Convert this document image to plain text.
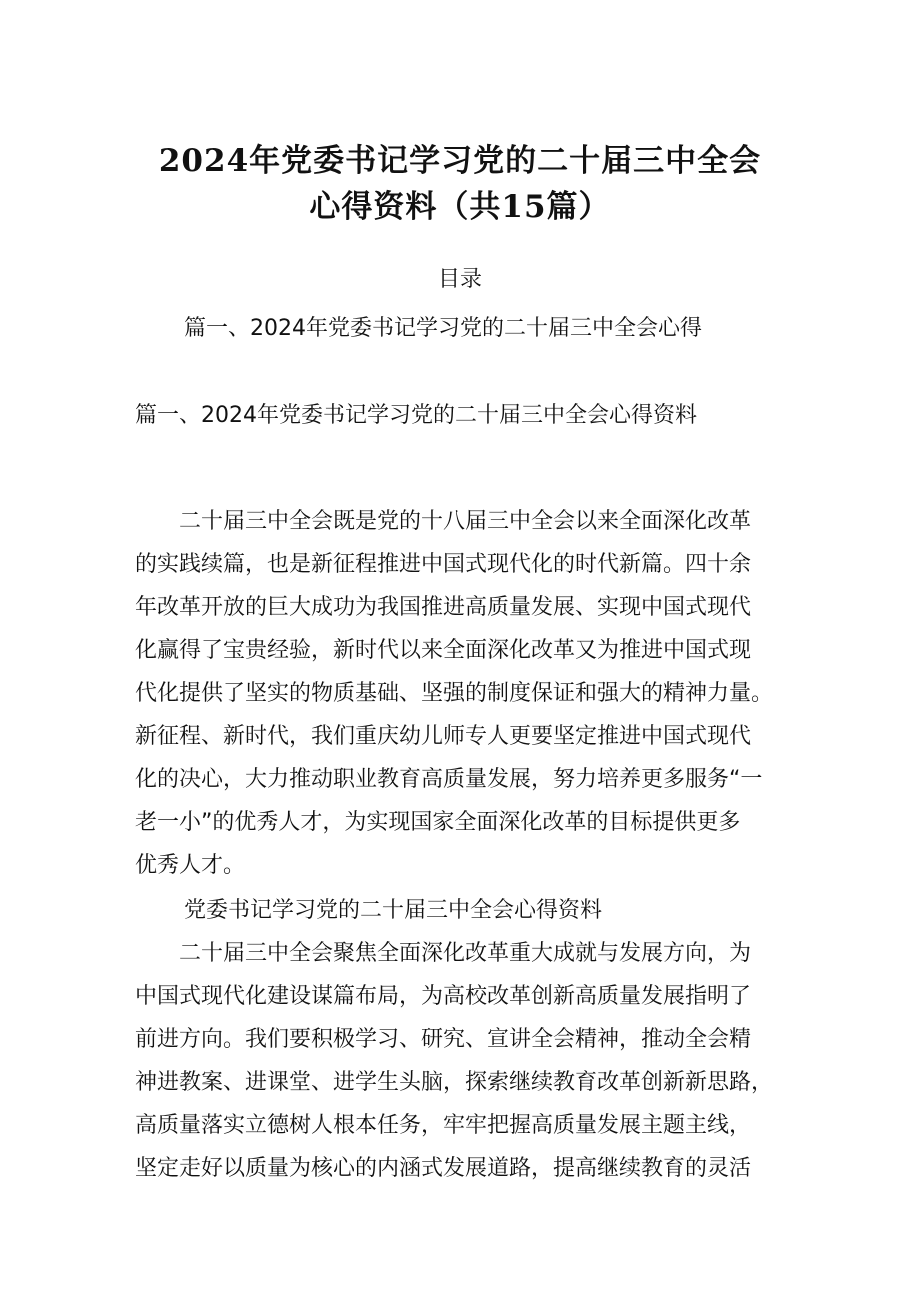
2024年党委书记学习党的二十届三中全会
心得资料（共15篇）
目录
篇一、2024年党委书记学习党的二十届三中全会心得
篇一、2024年党委书记学习党的二十届三中全会心得资料
二十届三中全会既是党的十八届三中全会以来全面深化改革
的实践续篇，也是新征程推进中国式现代化的时代新篇。四十余
年改革开放的巨大成功为我国推进高质量发展、实现中国式现代
化赢得了宝贵经验，新时代以来全面深化改革又为推进中国式现
代化提供了坚实的物质基础、坚强的制度保证和强大的精神力量。
新征程、新时代，我们重庆幼儿师专人更要坚定推进中国式现代
化的决心，大力推动职业教育高质量发展，努力培养更多服务“一
老一小”的优秀人才，为实现国家全面深化改革的目标提供更多
优秀人才。
党委书记学习党的二十届三中全会心得资料
二十届三中全会聚焦全面深化改革重大成就与发展方向，为
中国式现代化建设谋篇布局，为高校改革创新高质量发展指明了
前进方向。我们要积极学习、研究、宣讲全会精神，推动全会精
神进教案、进课堂、进学生头脑，探索继续教育改革创新新思路，
高质量落实立德树人根本任务，牢牢把握高质量发展主题主线，
坚定走好以质量为核心的内涵式发展道路，提高继续教育的灵活
